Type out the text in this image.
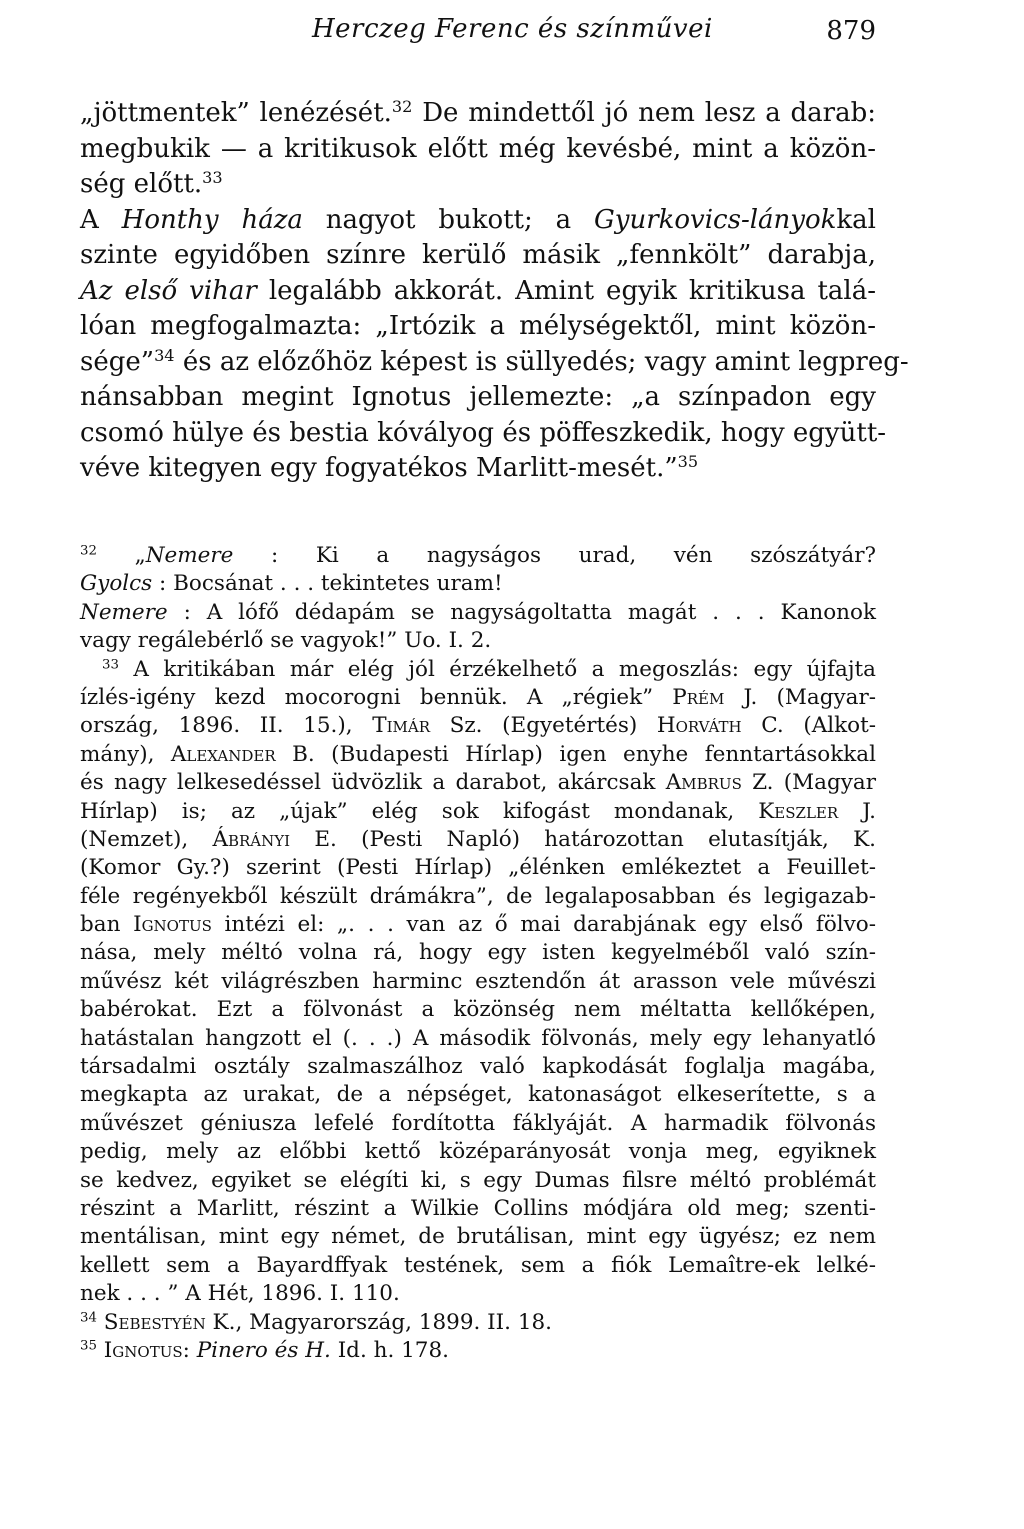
Herczeg Ferenc és színművei	879
„jöttmentek” lenézését.$^{32}$ De mindettől jó nem lesz a darab:
megbukik — a kritikusok előtt még kevésbé, mint a közön-
ség előtt.$^{33}$
A Honthy háza nagyot bukott; a Gyurkovics-lányokkal
szinte egyidőben színre kerülő másik „fennkölt” darabja,
Az első vihar legalább akkorát. Amint egyik kritikusa talá-
lóan megfogalmazta: „Irtózik a mélységektől, mint közön-
sége”$^{34}$ és az előzőhöz képest is süllyedés; vagy amint legpreg-
nánsabban megint Ignotus jellemezte: „a színpadon egy
csomó hülye és bestia kóvályog és pöffeszkedik, hogy együtt-
véve kitegyen egy fogyatékos Marlitt-mesét.”$^{35}$
$^{32}$ „Nemere : Ki a nagyságos urad, vén szószátyár?
Gyolcs : Bocsánat . . . tekintetes uram!
Nemere : A lófő dédapám se nagyságoltatta magát . . . Kanonok
vagy regálebérlő se vagyok!” Uo. I. 2.
$^{33}$ A kritikában már elég jól érzékelhető a megoszlás: egy újfajta
ízlés-igény kezd mocorogni bennük. A „régiek” Prém J. (Magyar-
ország, 1896. II. 15.), Timár Sz. (Egyetértés) Horváth C. (Alkot-
mány), Alexander B. (Budapesti Hírlap) igen enyhe fenntartásokkal
és nagy lelkesedéssel üdvözlik a darabot, akárcsak Ambrus Z. (Magyar
Hírlap) is; az „újak” elég sok kifogást mondanak, Keszler J.
(Nemzet), Ábrányi E. (Pesti Napló) határozottan elutasítják, K.
(Komor Gy.?) szerint (Pesti Hírlap) „élénken emlékeztet a Feuillet-
féle regényekből készült drámákra”, de legalaposabban és legigazab-
ban Ignotus intézi el: „. . . van az ő mai darabjának egy első fölvo-
nása, mely méltó volna rá, hogy egy isten kegyelméből való szín-
művész két világrészben harminc esztendőn át arasson vele művészi
babérokat. Ezt a fölvonást a közönség nem méltatta kellőképen,
hatástalan hangzott el (. . .) A második fölvonás, mely egy lehanyatló
társadalmi osztály szalmaszálhoz való kapkodását foglalja magába,
megkapta az urakat, de a népséget, katonaságot elkeserítette, s a
művészet géniusza lefelé fordította fáklyáját. A harmadik fölvonás
pedig, mely az előbbi kettő középarányosát vonja meg, egyiknek
se kedvez, egyiket se elégíti ki, s egy Dumas filsre méltó problémát
részint a Marlitt, részint a Wilkie Collins módjára old meg; szenti-
mentálisan, mint egy német, de brutálisan, mint egy ügyész; ez nem
kellett sem a Bayardffyak testének, sem a fiók Lemaître-ek lelké-
nek . . . ” A Hét, 1896. I. 110.
$^{34}$ Sebestyén K., Magyarország, 1899. II. 18.
$^{35}$ Ignotus: Pinero és H. Id. h. 178.
